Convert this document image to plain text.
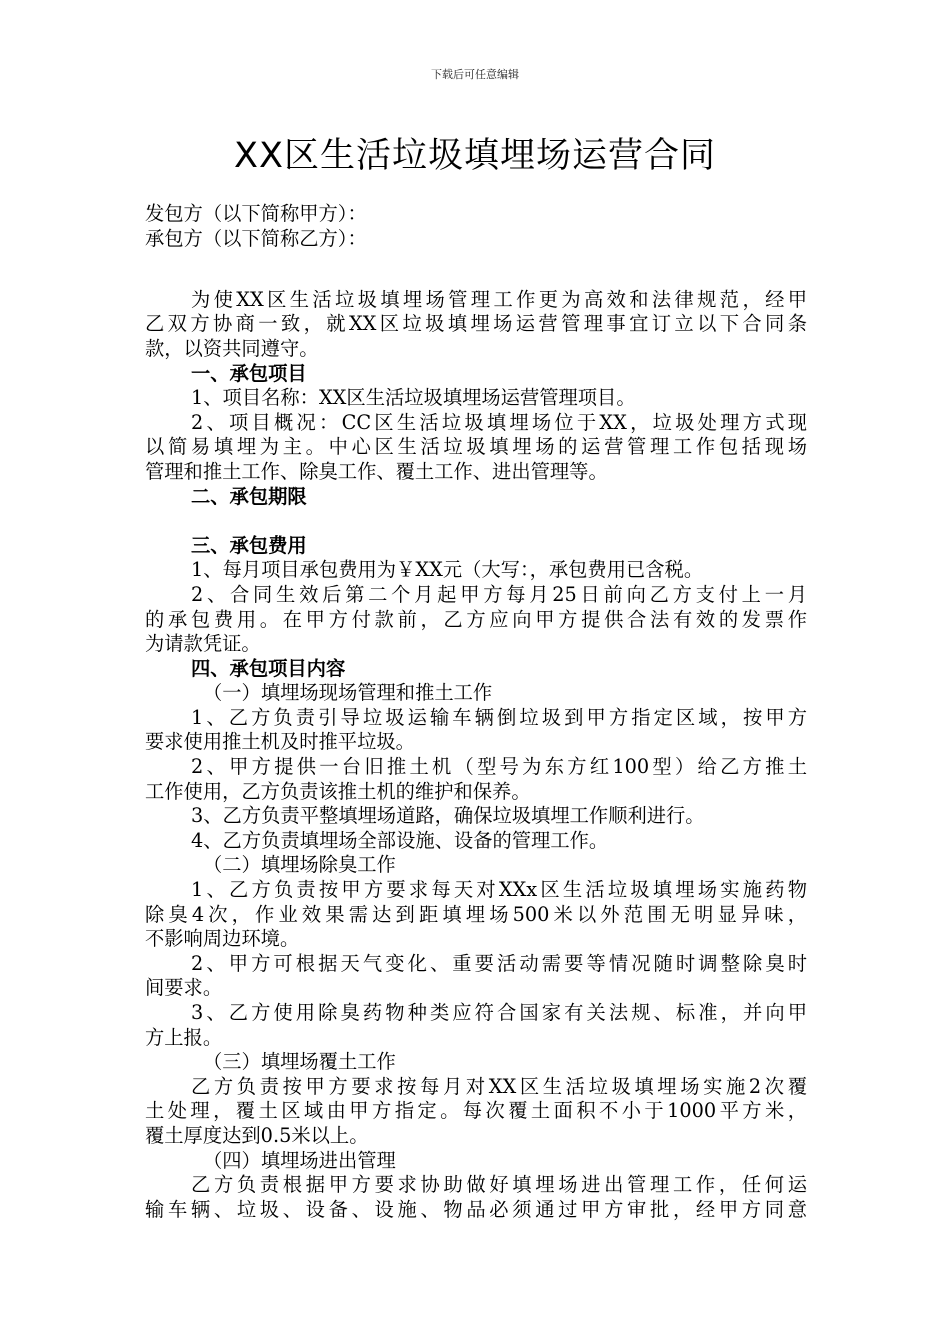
下载后可任意编辑
XX区生活垃圾填埋场运营合同
发包方（以下简称甲方）：
承包方（以下简称乙方）：
为使XX区生活垃圾填埋场管理工作更为高效和法律规范，经甲
乙双方协商一致，就XX区垃圾填埋场运营管理事宜订立以下合同条
款，以资共同遵守。
一、承包项目
1、项目名称：XX区生活垃圾填埋场运营管理项目。
2、项目概况：CC区生活垃圾填埋场位于XX，垃圾处理方式现
以简易填埋为主。中心区生活垃圾填埋场的运营管理工作包括现场
管理和推土工作、除臭工作、覆土工作、进出管理等。
二、承包期限
三、承包费用
1、每月项目承包费用为￥XX元（大写：，承包费用已含税。
2、合同生效后第二个月起甲方每月25日前向乙方支付上一月
的承包费用。在甲方付款前，乙方应向甲方提供合法有效的发票作
为请款凭证。
四、承包项目内容
（一）填埋场现场管理和推土工作
1、乙方负责引导垃圾运输车辆倒垃圾到甲方指定区域，按甲方
要求使用推土机及时推平垃圾。
2、甲方提供一台旧推土机（型号为东方红100型）给乙方推土
工作使用，乙方负责该推土机的维护和保养。
3、乙方负责平整填埋场道路，确保垃圾填埋工作顺利进行。
4、乙方负责填埋场全部设施、设备的管理工作。
（二）填埋场除臭工作
1、乙方负责按甲方要求每天对XXx区生活垃圾填埋场实施药物
除臭4次，作业效果需达到距填埋场500米以外范围无明显异味，
不影响周边环境。
2、甲方可根据天气变化、重要活动需要等情况随时调整除臭时
间要求。
3、乙方使用除臭药物种类应符合国家有关法规、标准，并向甲
方上报。
（三）填埋场覆土工作
乙方负责按甲方要求按每月对XX区生活垃圾填埋场实施2次覆
土处理，覆土区域由甲方指定。每次覆土面积不小于1000平方米，
覆土厚度达到0.5米以上。
（四）填埋场进出管理
乙方负责根据甲方要求协助做好填埋场进出管理工作，任何运
输车辆、垃圾、设备、设施、物品必须通过甲方审批，经甲方同意
